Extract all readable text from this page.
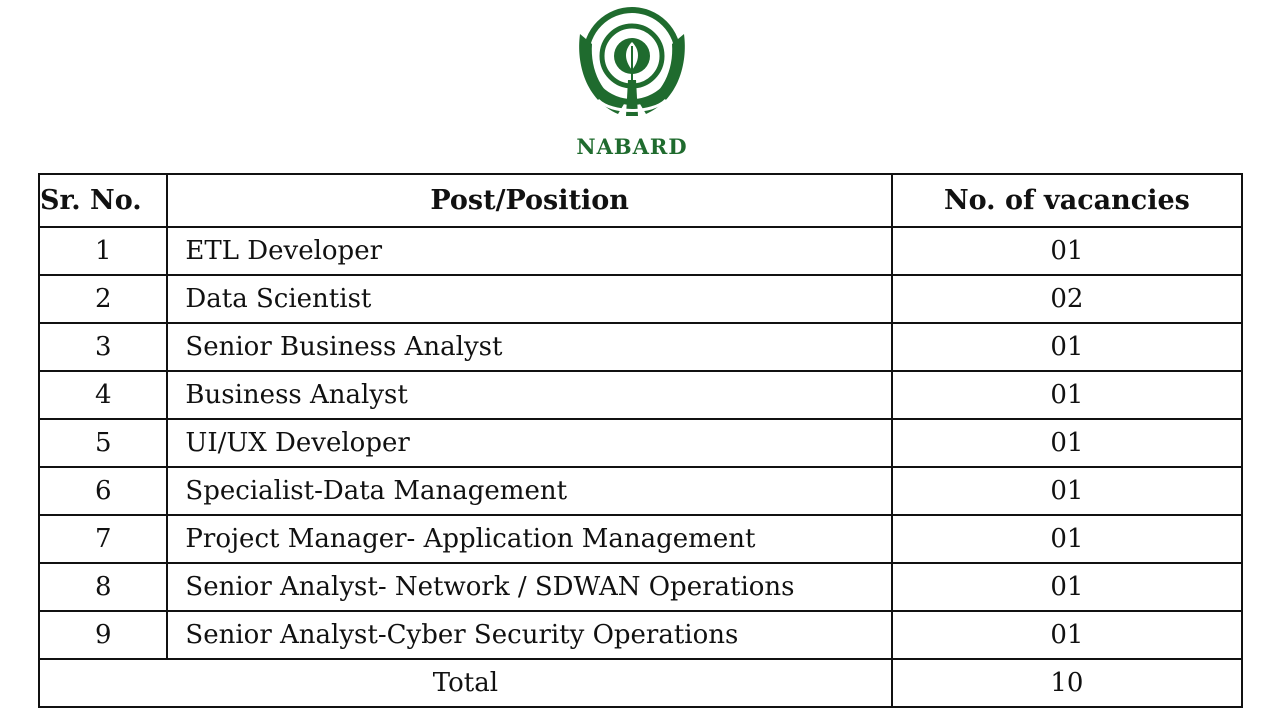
NABARD
Sr. No.	Post/Position	No. of vacancies
1	ETL Developer	01
2	Data Scientist	02
3	Senior Business Analyst	01
4	Business Analyst	01
5	UI/UX Developer	01
6	Specialist-Data Management	01
7	Project Manager- Application Management	01
8	Senior Analyst- Network / SDWAN Operations	01
9	Senior Analyst-Cyber Security Operations	01
Total		10
